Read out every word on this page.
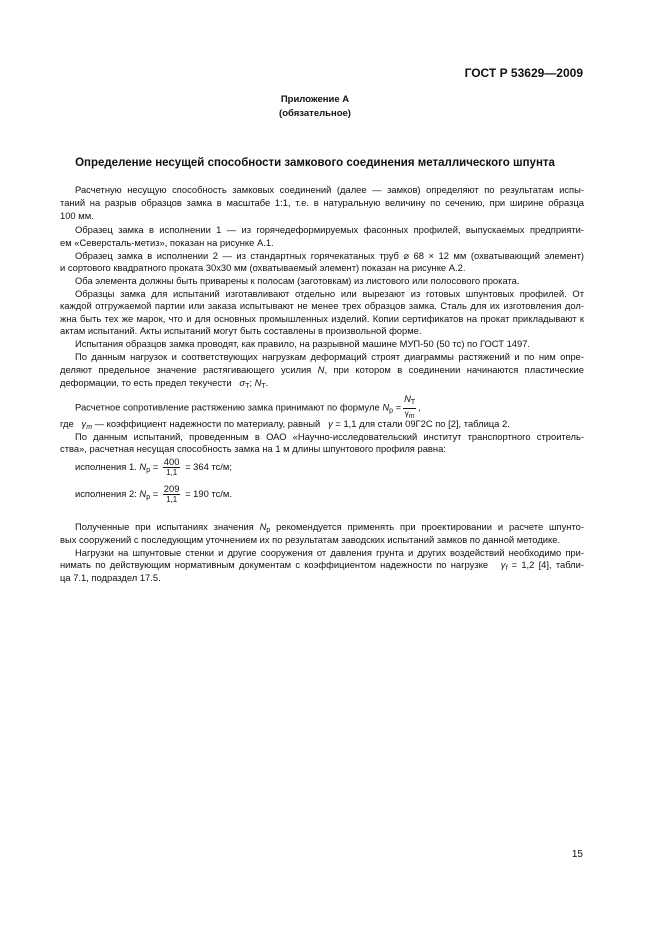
ГОСТ Р 53629—2009
Приложение А
(обязательное)
Определение несущей способности замкового соединения металлического шпунта
Расчетную несущую способность замковых соединений (далее — замков) определяют по результатам испы-
таний на разрыв образцов замка в масштабе 1:1, т.е. в натуральную величину по сечению, при ширине образца
100 мм.
Образец замка в исполнении 1 — из горячедеформируемых фасонных профилей, выпускаемых предприяти-
ем «Северсталь-метиз», показан на рисунке А.1.
Образец замка в исполнении 2 — из стандартных горячекатаных труб ⌀ 68 × 12 мм (охватывающий элемент)
и сортового квадратного проката 30х30 мм (охватываемый элемент) показан на рисунке А.2.
Оба элемента должны быть приварены к полосам (заготовкам) из листового или полосового проката.
Образцы замка для испытаний изготавливают отдельно или вырезают из готовых шпунтовых профилей. От
каждой отгружаемой партии или заказа испытывают не менее трех образцов замка. Сталь для их изготовления дол-
жна быть тех же марок, что и для основных промышленных изделий. Копии сертификатов на прокат прикладывают к
актам испытаний. Акты испытаний могут быть составлены в произвольной форме.
Испытания образцов замка проводят, как правило, на разрывной машине МУП-50 (50 тс) по ГОСТ 1497.
По данным нагрузок и соответствующих нагрузкам деформаций строят диаграммы растяжений и по ним опре-
деляют предельное значение растягивающего усилия N, при котором в соединении начинаются пластические
деформации, то есть предел текучести $\sigma_Т$; $N_Т$.
Расчетное сопротивление растяжению замка принимают по формуле $N_р = \frac{N_Т}{\gamma m}$ ,
где $\gamma_m$ — коэффициент надежности по материалу, равный γ = 1,1 для стали 09Г2С по [2], таблица 2.
По данным испытаний, проведенным в ОАО «Научно-исследовательский институт транспортного строитель-
ства», расчетная несущая способность замка на 1 м длины шпунтового профиля равна:
исполнения 1. $N_р = \frac{400}{1,1} = 364$ тс/м;
исполнения 2: $N_р = \frac{209}{1,1} = 190$ тс/м.
Полученные при испытаниях значения $N_р$ рекомендуется применять при проектировании и расчете шпунто-
вых сооружений с последующим уточнением их по результатам заводских испытаний замков по данной методике.
Нагрузки на шпунтовые стенки и другие сооружения от давления грунта и других воздействий необходимо при-
нимать по действующим нормативным документам с коэффициентом надежности по нагрузке $\gamma_f = 1,2$ [4], табли-
ца 7.1, подраздел 17.5.
15
